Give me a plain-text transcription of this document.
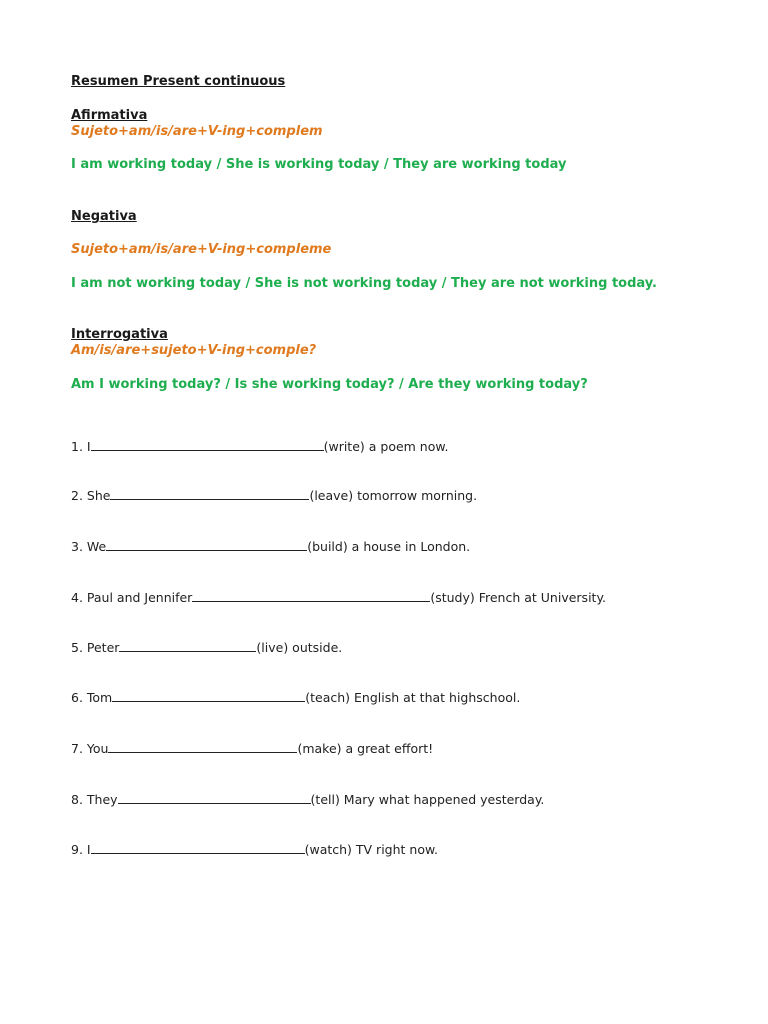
Resumen Present continuous
Afirmativa
Sujeto+am/is/are+V-ing+complem
I am working today / She is working today / They are working today
Negativa
Sujeto+am/is/are+V-ing+compleme
I am not working today / She is not working today / They are not working today.
Interrogativa
Am/is/are+sujeto+V-ing+comple?
Am I working today? / Is she working today? / Are they working today?
1. I	(write) a poem now.
2. She	(leave) tomorrow morning.
3. We	(build) a house in London.
4. Paul and Jennifer	(study) French at University.
5. Peter	(live) outside.
6. Tom	(teach) English at that highschool.
7. You	(make) a great effort!
8. They	(tell) Mary what happened yesterday.
9. I	(watch) TV right now.
